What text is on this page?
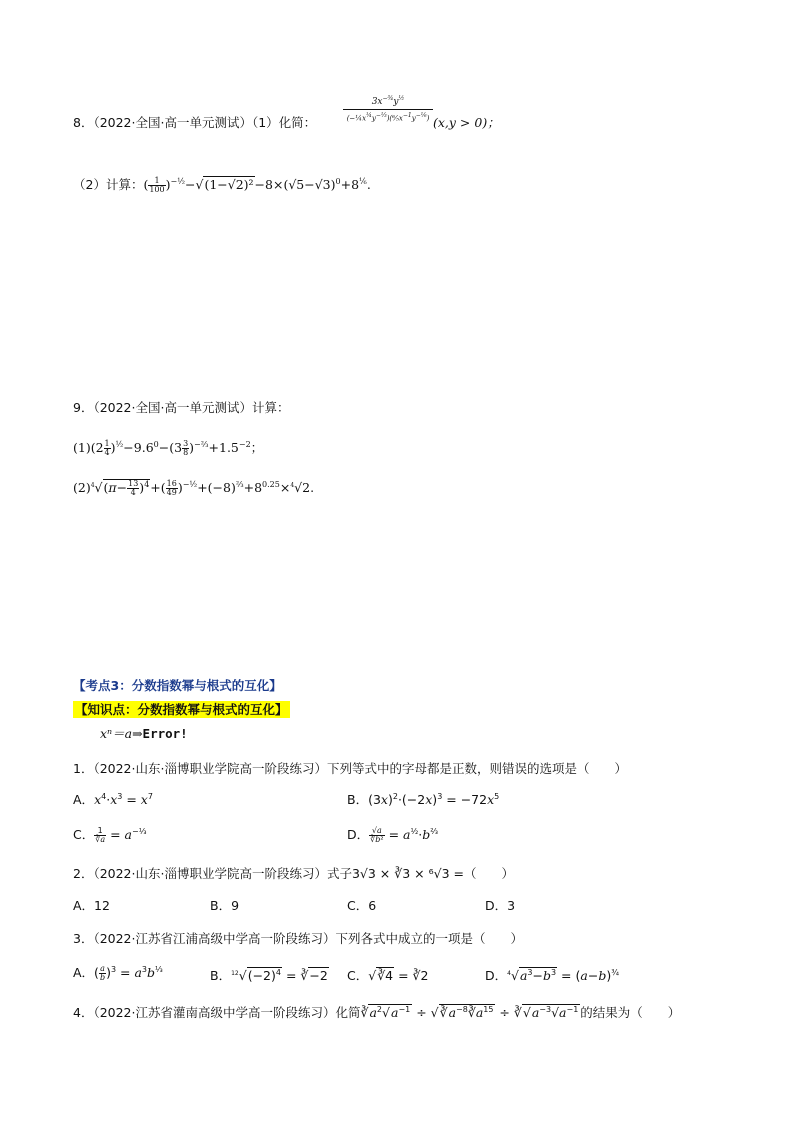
8．（2022·全国·高一单元测试）（1）化简：
$3x^{-\frac{3}{4}}y^{\frac{1}{2}}$
(−¼x¼y−⅓)(⁶⁄₅x−1y−⅙) (x,y > 0)；
（2）计算：( $\frac{1}{100} )^{-\frac{1}{2}}-√(1-√2)^2-8\times(√5-√3)^0+8^{\frac{1}{6}}$.
9．（2022·全国·高一单元测试）计算：
$(1)(2 \frac{1}{4} )^{\frac{1}{2}}-9.6^0-(3 \frac{3}{8} )^{-\frac{2}{3}}+1.5^{-2}$；
$(2)^4√(\pi- \frac{13}{4} )^4+( \frac{16}{49} )^{-\frac{1}{2}}+(-8)^{\frac{2}{3}}+8^{0.25}\times^4√2$.
【考点3：分数指数幂与根式的互化】
【知识点：分数指数幂与根式的互化】
xⁿ＝a⇒Error!
1．（2022·山东·淄博职业学院高一阶段练习）下列等式中的字母都是正数，则错误的选项是（　　）
A．$x^4\cdot x^3 = x^7$	B．$(3x)^2\cdot(-2x)^3 = -72x^5$
C． $\frac{1}{∛a} = a^{-\frac{1}{3}}$	D． $\frac{√a}{\text{∛b²}} = a^{\frac{1}{2}}\cdot b^{\frac{2}{3}}$
2．（2022·山东·淄博职业学院高一阶段练习）式子3√3 × ∛3 × ⁶√3 =（　　）
A．12	B．9	C．6	D．3
3．（2022·江苏省江浦高级中学高一阶段练习）下列各式中成立的一项是（　　）
A．( $\frac{a}{b} )^3 = a^3b^{\frac{1}{3}}$	B．$^{12}√(-2)^4$ = ∛−2 C．√∛4 = ∛2	D．$^4√a^3-b^3 = (a-b)^{\frac{3}{4}}$
4．（2022·江苏省灌南高级中学高一阶段练习）化简$∛a^2√a^{-1}$ ÷ $√∛a^{-8}∛a^{15}$ ÷ $∛√a^{-3}√a^{-1}$ 的结果为（　　）
